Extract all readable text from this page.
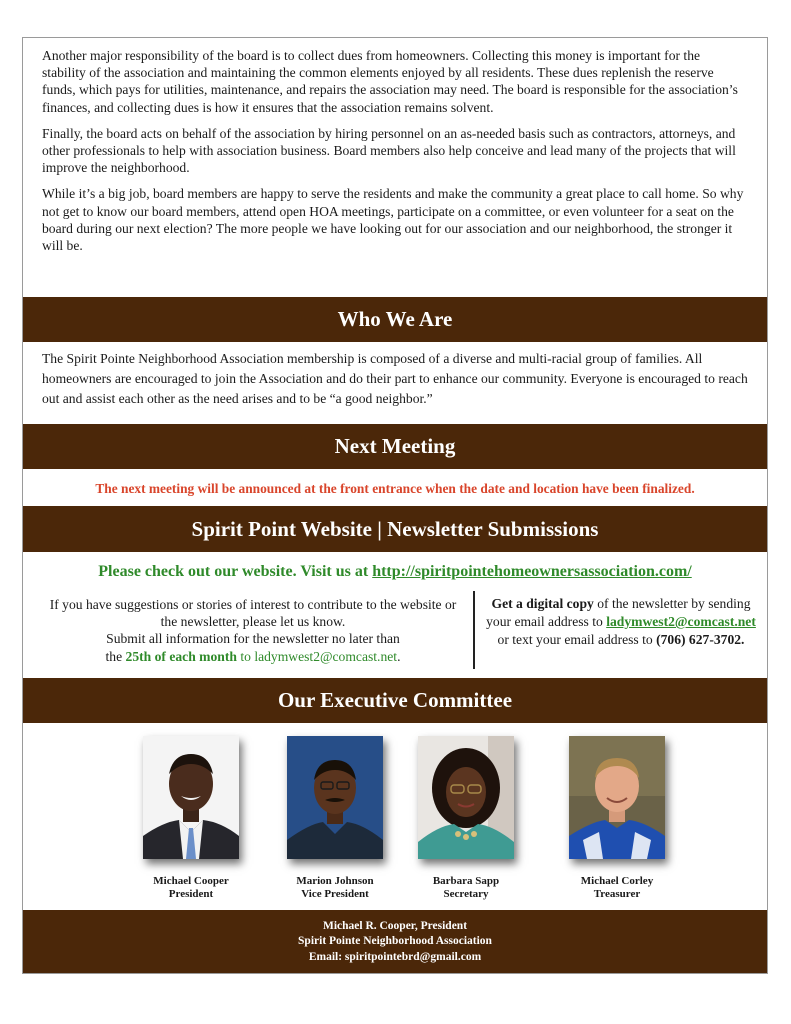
Another major responsibility of the board is to collect dues from homeowners. Collecting this money is important for the stability of the association and maintaining the common elements enjoyed by all residents. These dues replenish the reserve funds, which pays for utilities, maintenance, and repairs the association may need. The board is responsible for the association’s finances, and collecting dues is how it ensures that the association remains solvent.

Finally, the board acts on behalf of the association by hiring personnel on an as-needed basis such as contractors, attorneys, and other professionals to help with association business. Board members also help conceive and lead many of the projects that will improve the neighborhood.

While it’s a big job, board members are happy to serve the residents and make the community a great place to call home. So why not get to know our board members, attend open HOA meetings, participate on a committee, or even volunteer for a seat on the board during our next election? The more people we have looking out for our association and our neighborhood, the stronger it will be.

Who We Are
The Spirit Pointe Neighborhood Association membership is composed of a diverse and multi-racial group of families. All homeowners are encouraged to join the Association and do their part to enhance our community. Everyone is encouraged to reach out and assist each other as the need arises and to be “a good neighbor.”
Next Meeting
The next meeting will be announced at the front entrance when the date and location have been finalized.
Spirit Point Website | Newsletter Submissions
Please check out our website. Visit us at http://spiritpointehomeownersassociation.com/
If you have suggestions or stories of interest to contribute to the website or the newsletter, please let us know.
Submit all information for the newsletter no later than
the 25th of each month to ladymwest2@comcast.net.
Get a digital copy of the newsletter by sending your email address to ladymwest2@comcast.net or text your email address to (706) 627-3702.
Our Executive Committee
Michael Cooper
President
Marion Johnson
Vice President
Barbara Sapp
Secretary
Michael Corley
Treasurer
Michael R. Cooper, President
Spirit Pointe Neighborhood Association
Email: spiritpointebrd@gmail.com
